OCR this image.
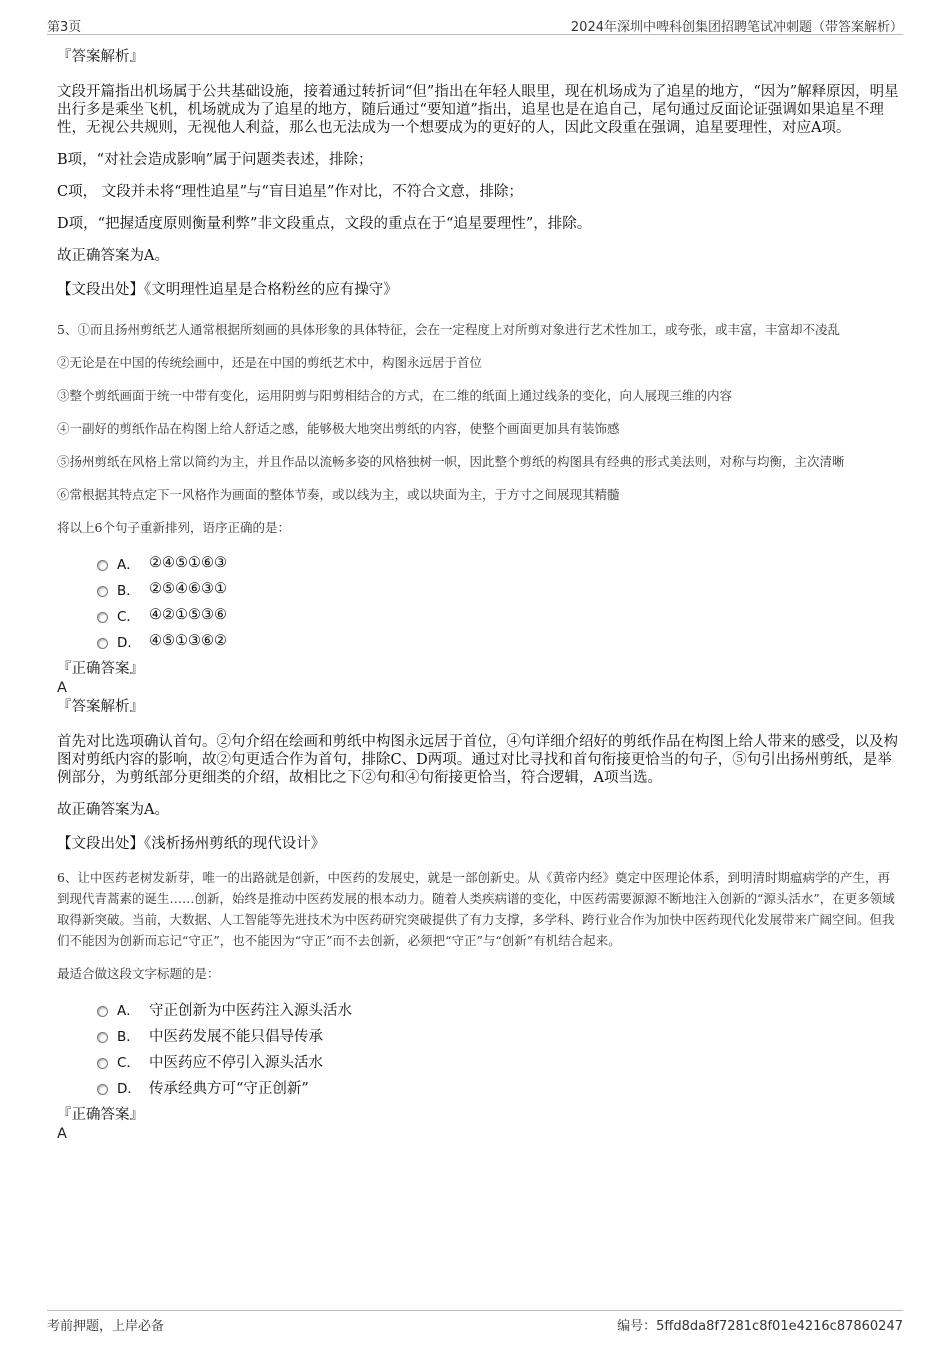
第3页	2024年深圳中啤科创集团招聘笔试冲刺题（带答案解析）

『答案解析』

文段开篇指出机场属于公共基础设施，接着通过转折词“但”指出在年轻人眼里，现在机场成为了追星的地方，“因为”解释原因，明星出行多是乘坐飞机，机场就成为了追星的地方，随后通过“要知道”指出，追星也是在追自己，尾句通过反面论证强调如果追星不理性，无视公共规则，无视他人利益，那么也无法成为一个想要成为的更好的人，因此文段重在强调，追星要理性，对应A项。

B项，“对社会造成影响”属于问题类表述，排除；

C项， 文段并未将“理性追星”与“盲目追星”作对比，不符合文意，排除；

D项，“把握适度原则衡量利弊”非文段重点，文段的重点在于“追星要理性”，排除。

故正确答案为A。

【文段出处】《文明理性追星是合格粉丝的应有操守》

5、①而且扬州剪纸艺人通常根据所刻画的具体形象的具体特征，会在一定程度上对所剪对象进行艺术性加工，或夸张，或丰富，丰富却不凌乱

②无论是在中国的传统绘画中，还是在中国的剪纸艺术中，构图永远居于首位

③整个剪纸画面于统一中带有变化，运用阴剪与阳剪相结合的方式，在二维的纸面上通过线条的变化，向人展现三维的内容

④一副好的剪纸作品在构图上给人舒适之感，能够极大地突出剪纸的内容，使整个画面更加具有装饰感

⑤扬州剪纸在风格上常以简约为主，并且作品以流畅多姿的风格独树一帜，因此整个剪纸的构图具有经典的形式美法则，对称与均衡，主次清晰

⑥常根据其特点定下一风格作为画面的整体节奏，或以线为主，或以块面为主，于方寸之间展现其精髓

将以上6个句子重新排列，语序正确的是：

A． ②④⑤①⑥③
B． ②⑤④⑥③①
C． ④②①⑤③⑥
D． ④⑤①③⑥②

『正确答案』

A

『答案解析』

首先对比选项确认首句。②句介绍在绘画和剪纸中构图永远居于首位，④句详细介绍好的剪纸作品在构图上给人带来的感受，以及构图对剪纸内容的影响，故②句更适合作为首句，排除C、D两项。通过对比寻找和首句衔接更恰当的句子，⑤句引出扬州剪纸，是举例部分，为剪纸部分更细类的介绍，故相比之下②句和④句衔接更恰当，符合逻辑，A项当选。

故正确答案为A。

【文段出处】《浅析扬州剪纸的现代设计》

6、让中医药老树发新芽，唯一的出路就是创新，中医药的发展史，就是一部创新史。从《黄帝内经》奠定中医理论体系，到明清时期瘟病学的产生，再到现代青蒿素的诞生……创新，始终是推动中医药发展的根本动力。随着人类疾病谱的变化，中医药需要源源不断地注入创新的“源头活水”，在更多领域取得新突破。当前，大数据、人工智能等先进技术为中医药研究突破提供了有力支撑，多学科、跨行业合作为加快中医药现代化发展带来广阔空间。但我们不能因为创新而忘记“守正”，也不能因为“守正”而不去创新，必须把“守正”与“创新”有机结合起来。

最适合做这段文字标题的是：

A． 守正创新为中医药注入源头活水
B． 中医药发展不能只倡导传承
C． 中医药应不停引入源头活水
D． 传承经典方可“守正创新”

『正确答案』

A

考前押题，上岸必备	编号：5ffd8da8f7281c8f01e4216c87860247
